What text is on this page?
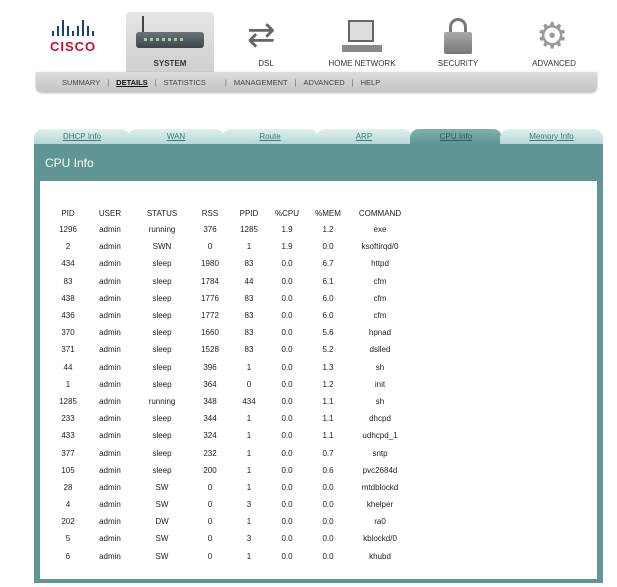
CISCO
SYSTEM
⇄	DSL	HOME NETWORK	SECURITY
⚙	ADVANCED
SUMMARY | DETAILS | STATISTICS	| MANAGEMENT | ADVANCED | HELP
DHCP Info	WAN	Route	ARP	CPU Info	Memory Info
CPU Info
PID	USER	STATUS	RSS	PPID	%CPU	%MEM	COMMAND
1296	admin	running	376	1285	1.9	1.2	exe
2	admin	SWN	0	1	1.9	0.0	ksoftirqd/0
434	admin	sleep	1980	83	0.0	6.7	httpd
83	admin	sleep	1784	44	0.0	6.1	cfm
438	admin	sleep	1776	83	0.0	6.0	cfm
436	admin	sleep	1772	83	0.0	6.0	cfm
370	admin	sleep	1660	83	0.0	5.6	hpnad
371	admin	sleep	1528	83	0.0	5.2	dslled
44	admin	sleep	396	1	0.0	1.3	sh
1	admin	sleep	364	0	0.0	1.2	init
1285	admin	running	348	434	0.0	1.1	sh
233	admin	sleep	344	1	0.0	1.1	dhcpd
433	admin	sleep	324	1	0.0	1.1	udhcpd_1
377	admin	sleep	232	1	0.0	0.7	sntp
105	admin	sleep	200	1	0.0	0.6	pvc2684d
28	admin	SW	0	1	0.0	0.0	mtdblockd
4	admin	SW	0	3	0.0	0.0	khelper
202	admin	DW	0	1	0.0	0.0	ra0
5	admin	SW	0	3	0.0	0.0	kblockd/0
6	admin	SW	0	1	0.0	0.0	khubd
